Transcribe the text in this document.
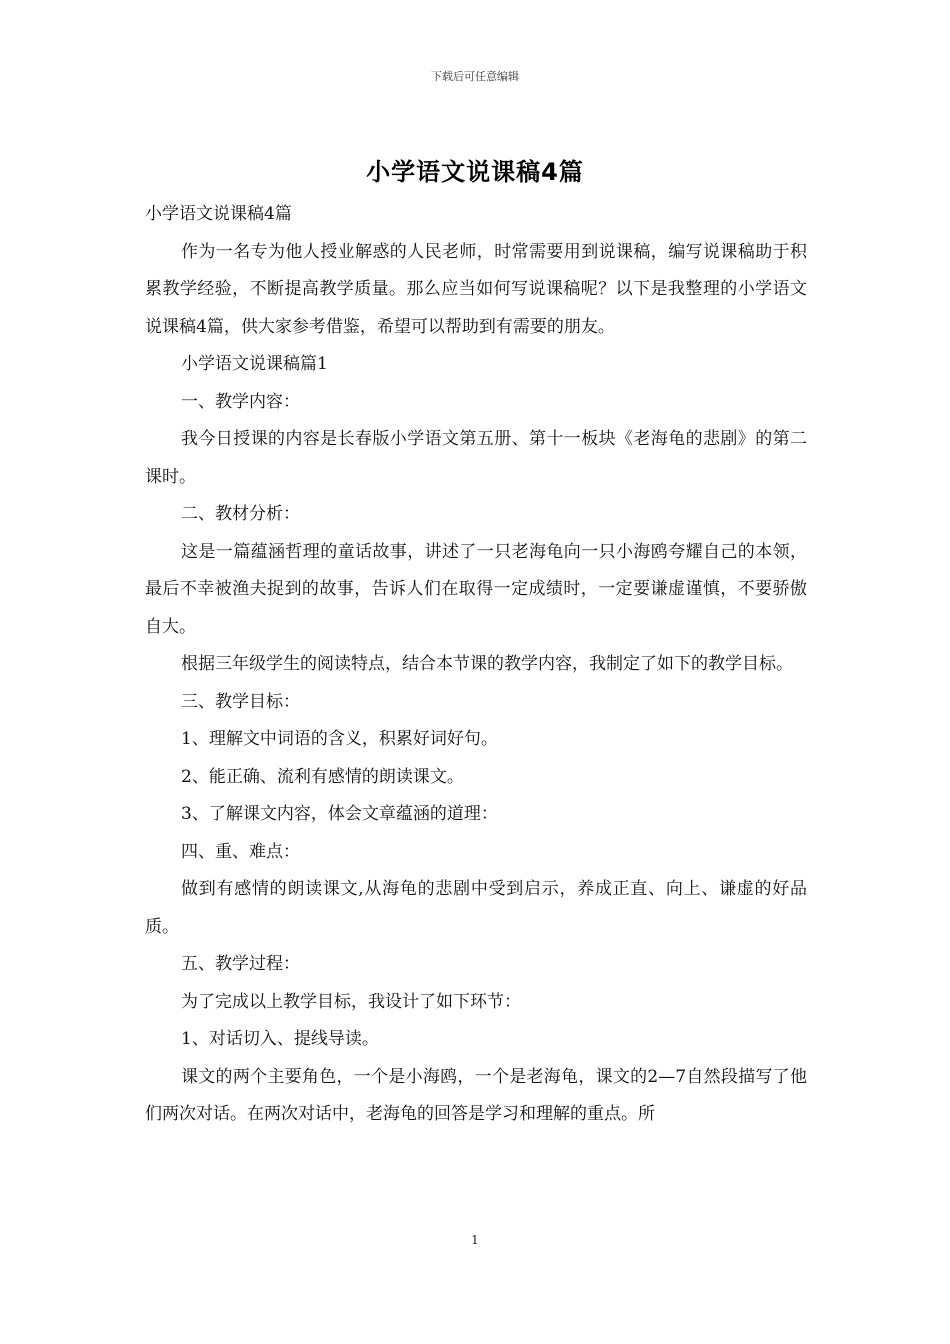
下载后可任意编辑
小学语文说课稿4篇

小学语文说课稿4篇

作为一名专为他人授业解惑的人民老师，时常需要用到说课稿，编写说课稿助于积累教学经验，不断提高教学质量。那么应当如何写说课稿呢？以下是我整理的小学语文说课稿4篇，供大家参考借鉴，希望可以帮助到有需要的朋友。

小学语文说课稿篇1

一、教学内容：

我今日授课的内容是长春版小学语文第五册、第十一板块《老海龟的悲剧》的第二课时。

二、教材分析：

这是一篇蕴涵哲理的童话故事，讲述了一只老海龟向一只小海鸥夸耀自己的本领，最后不幸被渔夫捉到的故事，告诉人们在取得一定成绩时，一定要谦虚谨慎，不要骄傲自大。

根据三年级学生的阅读特点，结合本节课的教学内容，我制定了如下的教学目标。

三、教学目标：

1、理解文中词语的含义，积累好词好句。

2、能正确、流利有感情的朗读课文。

3、了解课文内容，体会文章蕴涵的道理：

四、重、难点：

做到有感情的朗读课文,从海龟的悲剧中受到启示，养成正直、向上、谦虚的好品质。

五、教学过程：

为了完成以上教学目标，我设计了如下环节：

1、对话切入、提线导读。

课文的两个主要角色，一个是小海鸥，一个是老海龟，课文的2—7自然段描写了他们两次对话。在两次对话中，老海龟的回答是学习和理解的重点。所

1
